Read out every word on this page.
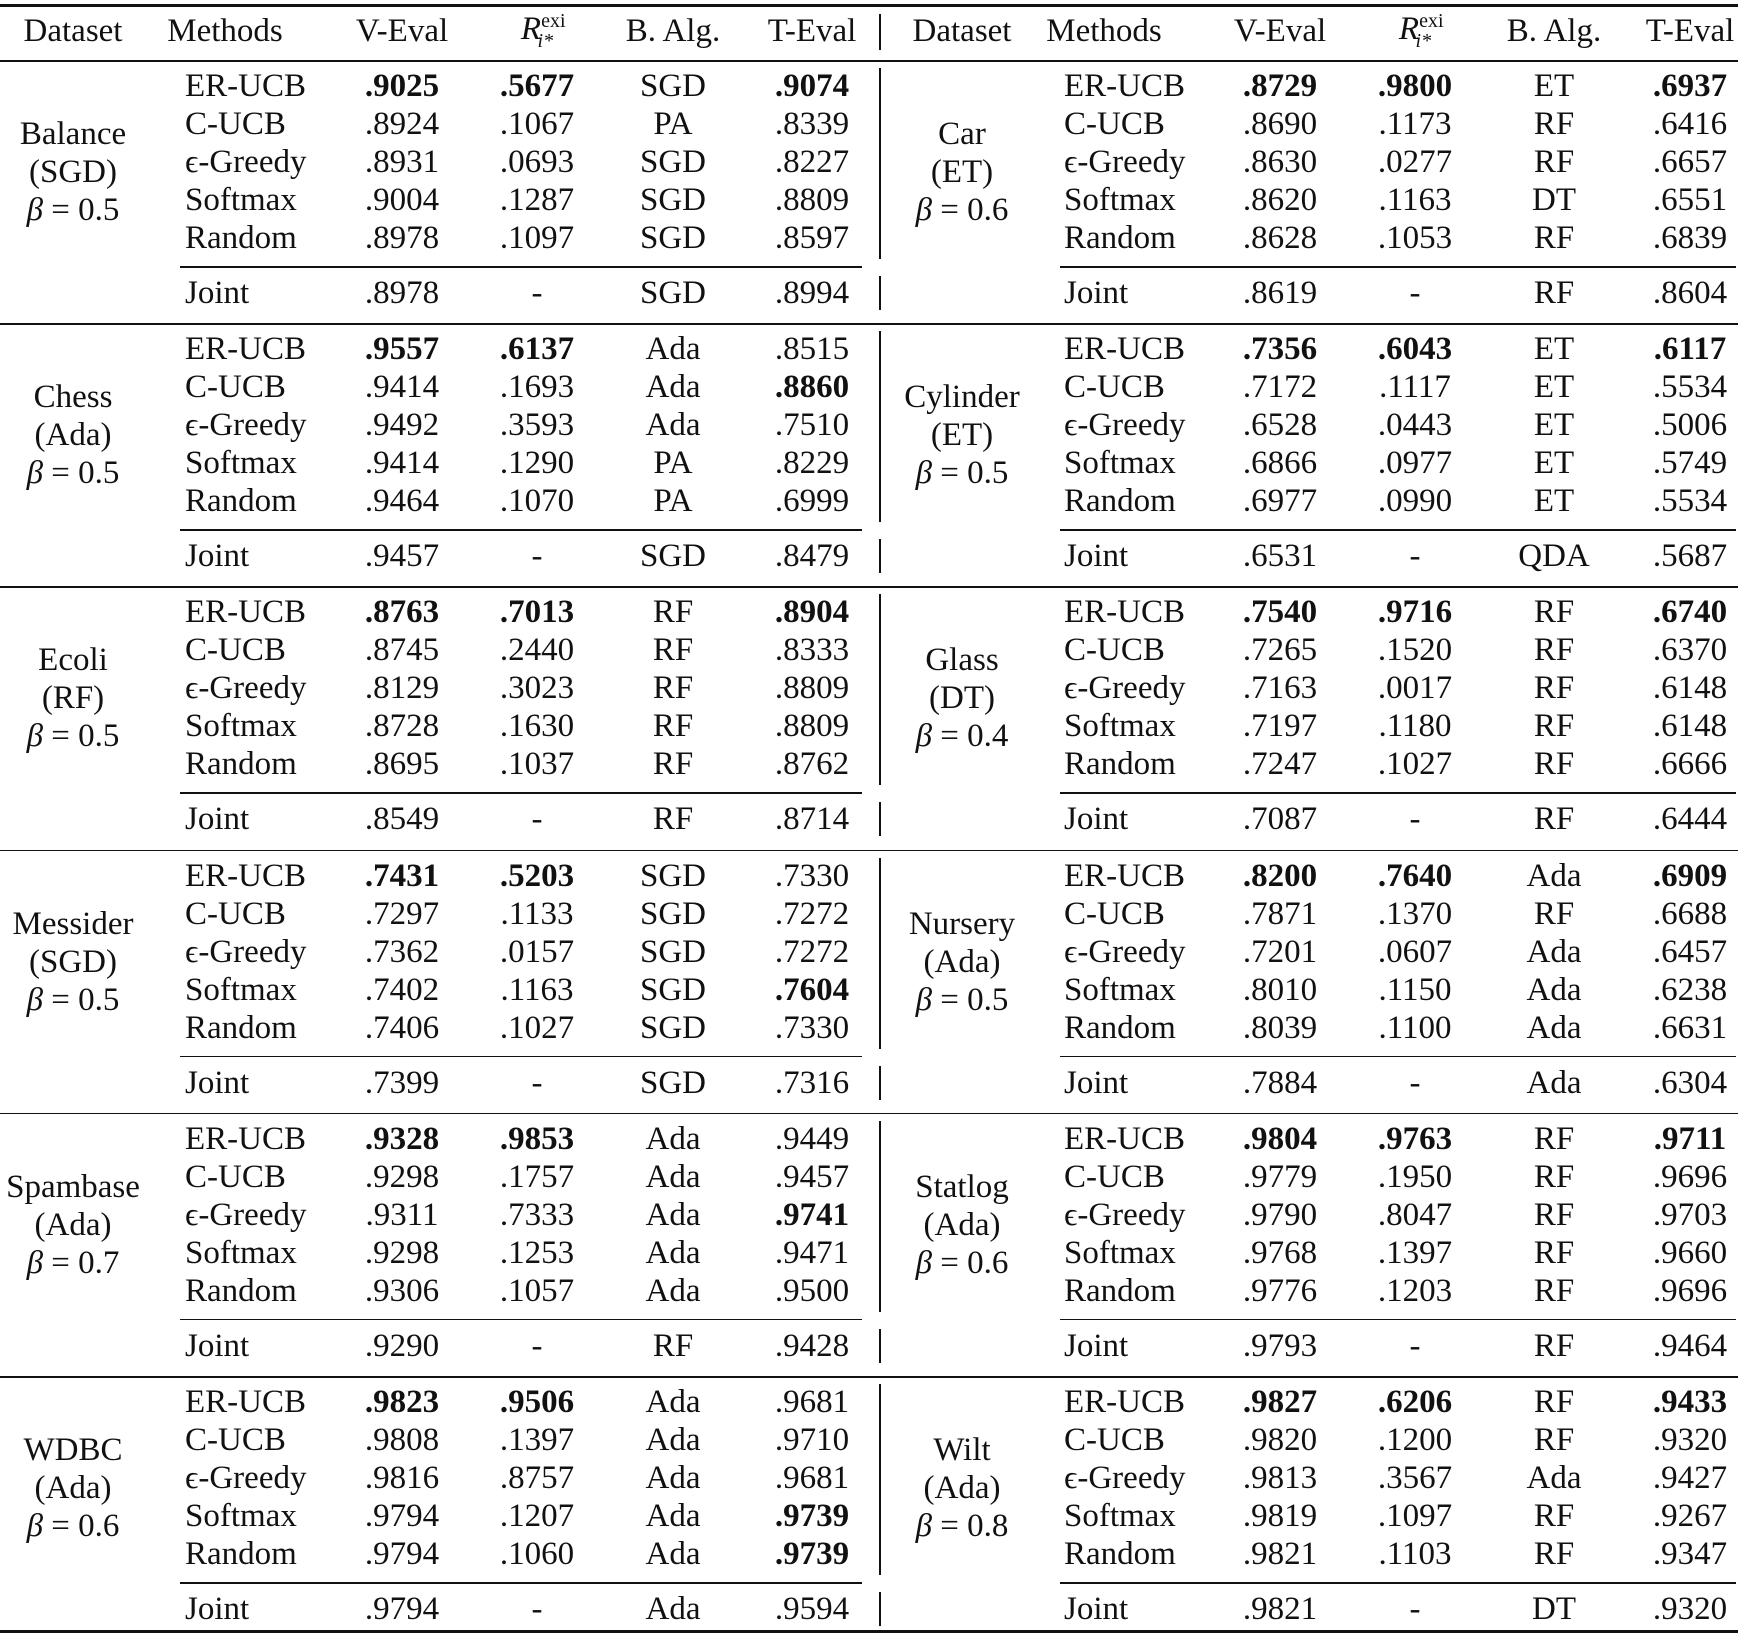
Dataset Methods V-Eval $R^{exi}_{i*}$ B. Alg. T-Eval Dataset Methods V-Eval $R^{exi}_{i*}$ B. Alg. T-Eval
Balance
(SGD)
β = 0.5
ER-UCB .9025 .5677 SGD .9074
C-UCB .8924 .1067 PA .8339
ϵ-Greedy .8931 .0693 SGD .8227
Softmax .9004 .1287 SGD .8809
Random .8978 .1097 SGD .8597
Joint	.8978	-	SGD .8994
Car
(ET)
β = 0.6
ER-UCB .8729 .9800 ET .6937
C-UCB .8690 .1173 RF .6416
ϵ-Greedy .8630 .0277 RF .6657
Softmax .8620 .1163 DT .6551
Random .8628 .1053 RF .6839
Joint	.8619	-	RF .8604
Chess
(Ada)
β = 0.5
ER-UCB .9557 .6137 Ada .8515
C-UCB .9414 .1693 Ada .8860
ϵ-Greedy .9492 .3593 Ada .7510
Softmax .9414 .1290 PA .8229
Random .9464 .1070 PA .6999
Joint	.9457	-	SGD .8479
Cylinder
(ET)
β = 0.5
ER-UCB .7356 .6043 ET .6117
C-UCB .7172 .1117	ET .5534
ϵ-Greedy .6528 .0443 ET .5006
Softmax .6866 .0977 ET .5749
Random .6977 .0990 ET .5534
Joint	.6531	-	QDA .5687
Ecoli
(RF)
β = 0.5
ER-UCB .8763 .7013 RF .8904
C-UCB .8745 .2440 RF .8333
ϵ-Greedy .8129 .3023 RF .8809
Softmax .8728 .1630 RF .8809
Random .8695 .1037 RF .8762
Joint	.8549	-	RF .8714
Glass
(DT)
β = 0.4
ER-UCB .7540 .9716 RF .6740
C-UCB .7265 .1520 RF .6370
ϵ-Greedy .7163 .0017 RF .6148
Softmax .7197 .1180 RF .6148
Random .7247 .1027 RF .6666
Joint	.7087	-	RF .6444
Messider
(SGD)
β = 0.5
ER-UCB .7431 .5203 SGD .7330
C-UCB .7297 .1133 SGD .7272
ϵ-Greedy .7362 .0157 SGD .7272
Softmax .7402 .1163 SGD .7604
Random .7406 .1027 SGD .7330
Joint	.7399	-	SGD .7316
Nursery
(Ada)
β = 0.5
ER-UCB .8200 .7640 Ada .6909
C-UCB .7871 .1370 RF .6688
ϵ-Greedy .7201 .0607 Ada .6457
Softmax .8010 .1150 Ada .6238
Random .8039 .1100 Ada .6631
Joint	.7884	-	Ada .6304
Spambase
(Ada)
β = 0.7
ER-UCB .9328 .9853 Ada .9449
C-UCB .9298 .1757 Ada .9457
ϵ-Greedy .9311 .7333 Ada .9741
Softmax .9298 .1253 Ada .9471
Random .9306 .1057 Ada .9500
Joint	.9290	-	RF .9428
Statlog
(Ada)
β = 0.6
ER-UCB .9804 .9763 RF .9711
C-UCB .9779 .1950 RF .9696
ϵ-Greedy .9790 .8047 RF .9703
Softmax .9768 .1397 RF .9660
Random .9776 .1203 RF .9696
Joint	.9793	-	RF .9464
WDBC
(Ada)
β = 0.6
ER-UCB .9823 .9506 Ada .9681
C-UCB .9808 .1397 Ada .9710
ϵ-Greedy .9816 .8757 Ada .9681
Softmax .9794 .1207 Ada .9739
Random .9794 .1060 Ada .9739
Joint	.9794	-	Ada .9594
Wilt
(Ada)
β = 0.8
ER-UCB .9827 .6206 RF .9433
C-UCB .9820 .1200 RF .9320
ϵ-Greedy .9813 .3567 Ada .9427
Softmax .9819 .1097 RF .9267
Random .9821 .1103 RF .9347
Joint	.9821	-	DT .9320
